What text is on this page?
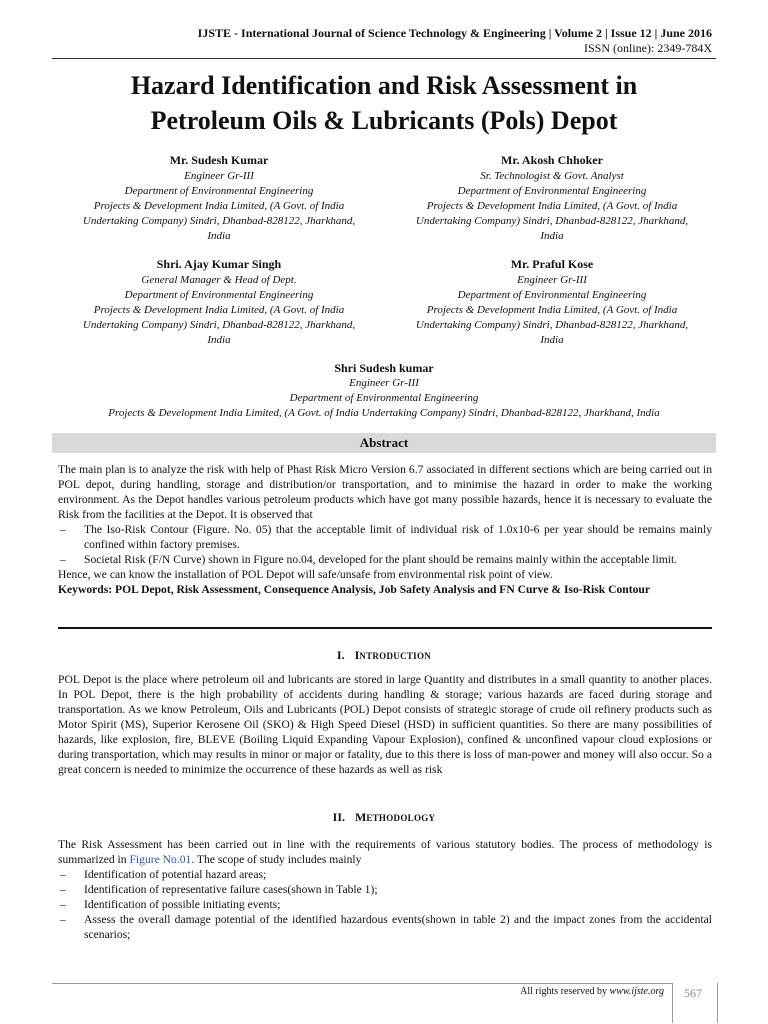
IJSTE - International Journal of Science Technology & Engineering | Volume 2 | Issue 12 | June 2016
ISSN (online): 2349-784X
Hazard Identification and Risk Assessment in
Petroleum Oils & Lubricants (Pols) Depot
Mr. Sudesh Kumar
Engineer Gr-III
Department of Environmental Engineering
Projects & Development India Limited, (A Govt. of India
Undertaking Company) Sindri, Dhanbad-828122, Jharkhand,
India
Mr. Akosh Chhoker
Sr. Technologist & Govt. Analyst
Department of Environmental Engineering
Projects & Development India Limited, (A Govt. of India
Undertaking Company) Sindri, Dhanbad-828122, Jharkhand,
India
Shri. Ajay Kumar Singh
General Manager & Head of Dept.
Department of Environmental Engineering
Projects & Development India Limited, (A Govt. of India
Undertaking Company) Sindri, Dhanbad-828122, Jharkhand,
India
Mr. Praful Kose
Engineer Gr-III
Department of Environmental Engineering
Projects & Development India Limited, (A Govt. of India
Undertaking Company) Sindri, Dhanbad-828122, Jharkhand,
India
Shri Sudesh kumar
Engineer Gr-III
Department of Environmental Engineering
Projects & Development India Limited, (A Govt. of India Undertaking Company) Sindri, Dhanbad-828122, Jharkhand, India
Abstract

The main plan is to analyze the risk with help of Phast Risk Micro Version 6.7 associated in different sections which are being carried out in POL depot, during handling, storage and distribution/or transportation, and to minimise the hazard in order to make the working environment. As the Depot handles various petroleum products which have got many possible hazards, hence it is necessary to evaluate the Risk from the facilities at the Depot. It is observed that

– The Iso-Risk Contour (Figure. No. 05) that the acceptable limit of individual risk of 1.0x10-6 per year should be remains mainly confined within factory premises.
– Societal Risk (F/N Curve) shown in Figure no.04, developed for the plant should be remains mainly within the acceptable limit.

Hence, we can know the installation of POL Depot will safe/unsafe from environmental risk point of view.

Keywords: POL Depot, Risk Assessment, Consequence Analysis, Job Safety Analysis and FN Curve & Iso-Risk Contour

I. INTRODUCTION

POL Depot is the place where petroleum oil and lubricants are stored in large Quantity and distributes in a small quantity to another places. In POL Depot, there is the high probability of accidents during handling & storage; various hazards are faced during storage and transportation. As we know Petroleum, Oils and Lubricants (POL) Depot consists of strategic storage of crude oil refinery products such as Motor Spirit (MS), Superior Kerosene Oil (SKO) & High Speed Diesel (HSD) in sufficient quantities. So there are many possibilities of hazards, like explosion, fire, BLEVE (Boiling Liquid Expanding Vapour Explosion), confined & unconfined vapour cloud explosions or during transportation, which may results in minor or major or fatality, due to this there is loss of man-power and money will also occur. So a great concern is needed to minimize the occurrence of these hazards as well as risk

II. METHODOLOGY

The Risk Assessment has been carried out in line with the requirements of various statutory bodies. The process of methodology is summarized in Figure No.01. The scope of study includes mainly

– Identification of potential hazard areas;
– Identification of representative failure cases(shown in Table 1);
– Identification of possible initiating events;
– Assess the overall damage potential of the identified hazardous events(shown in table 2) and the impact zones from the accidental scenarios;
All rights reserved by www.ijste.org 567
